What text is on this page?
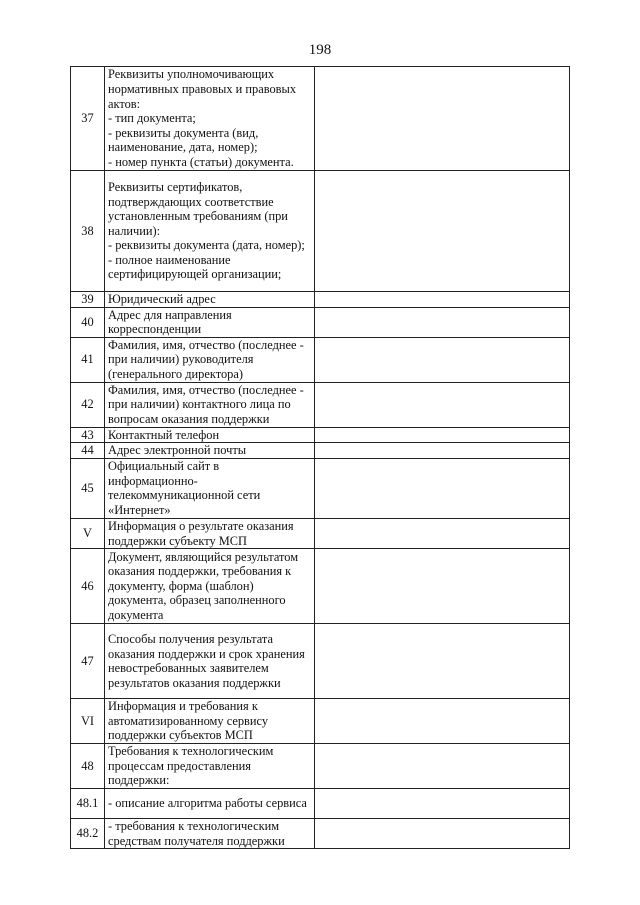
198
37	Реквизиты уполномочивающих нормативных правовых и правовых актов:
- тип документа;
- реквизиты документа (вид, наименование, дата, номер);
- номер пункта (статьи) документа.	

38	Реквизиты сертификатов, подтверждающих соответствие установленным требованиям (при наличии):
- реквизиты документа (дата, номер);
- полное наименование сертифицирующей организации;	

39	Юридический адрес	

40	Адрес для направления корреспонденции	

41	Фамилия, имя, отчество (последнее - при наличии) руководителя (генерального директора)	

42	Фамилия, имя, отчество (последнее - при наличии) контактного лица по вопросам оказания поддержки	

43	Контактный телефон	

44	Адрес электронной почты	

45	Официальный сайт в информационно-телекоммуникационной сети «Интернет»	

V	Информация о результате оказания поддержки субъекту МСП	

46	Документ, являющийся результатом оказания поддержки, требования к документу, форма (шаблон) документа, образец заполненного документа	

47	Способы получения результата оказания поддержки и срок хранения невостребованных заявителем результатов оказания поддержки	

VI	Информация и требования к автоматизированному сервису поддержки субъектов МСП	

48	Требования к технологическим процессам предоставления поддержки:	

48.1	- описание алгоритма работы сервиса	

48.2	- требования к технологическим средствам получателя поддержки	
